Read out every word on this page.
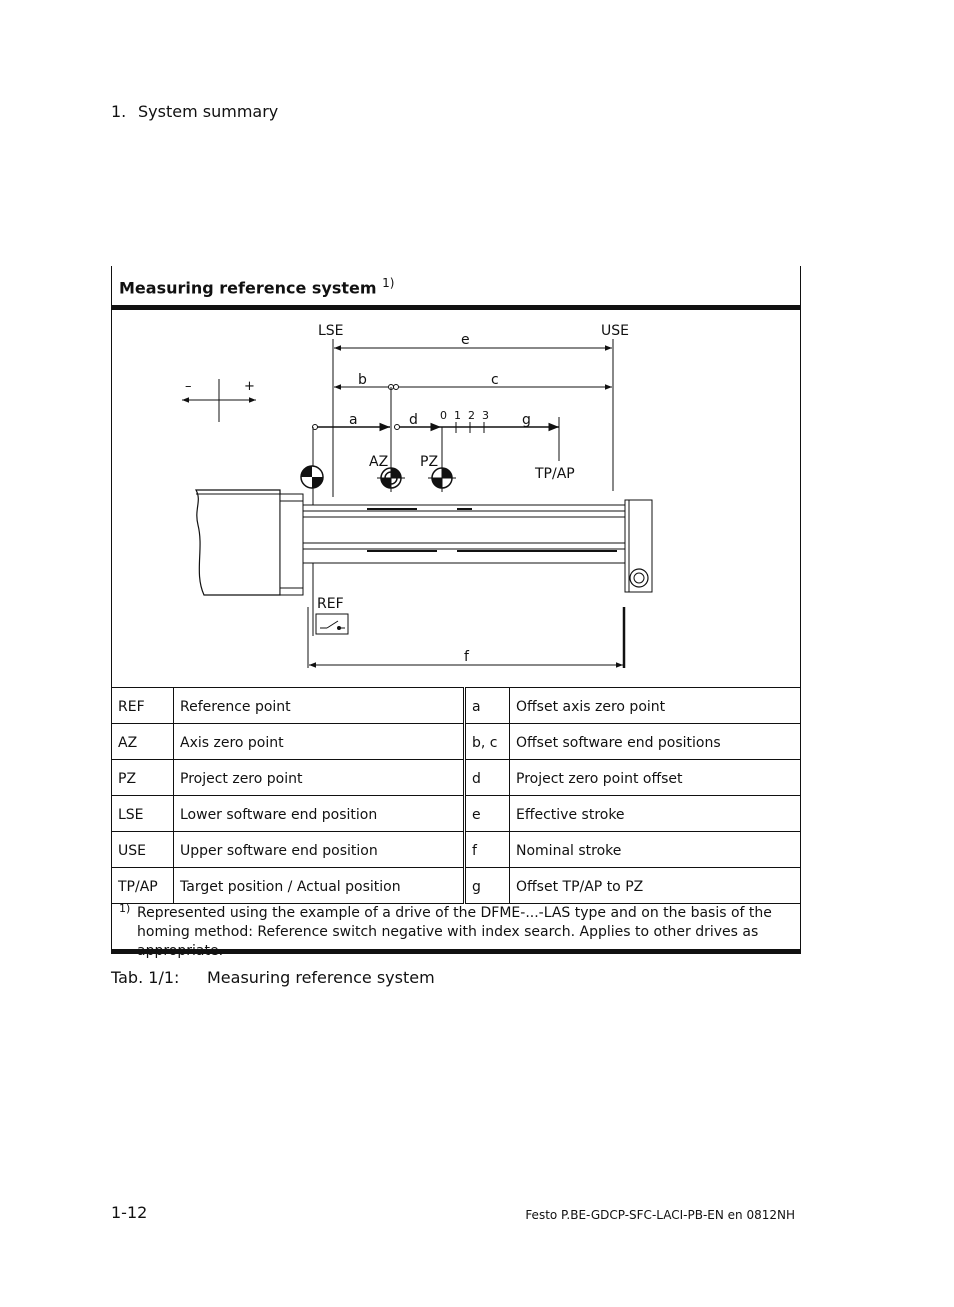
1. System summary
Measuring reference system $^{1)}$
LSE	USE
e
b	c
–	+
a	d	g
0 1 2 3
AZ PZ
TP/AP
REF
f
REF	Reference point	a	Offset axis zero point
AZ	Axis zero point	b, c	Offset software end positions
PZ	Project zero point	d	Project zero point offset
LSE	Lower software end position	e	Effective stroke
USE	Upper software end position	f	Nominal stroke
TP/AP	Target position / Actual position	g	Offset TP/AP to PZ
1) Represented using the example of a drive of the DFME-...-LAS type and on the basis of the homing method: Reference switch negative with index search. Applies to other drives as
Tab. 1/1: Measuring reference system
1-12	Festo P.BE-GDCP-SFC-LACI-PB-EN en 0812NH
